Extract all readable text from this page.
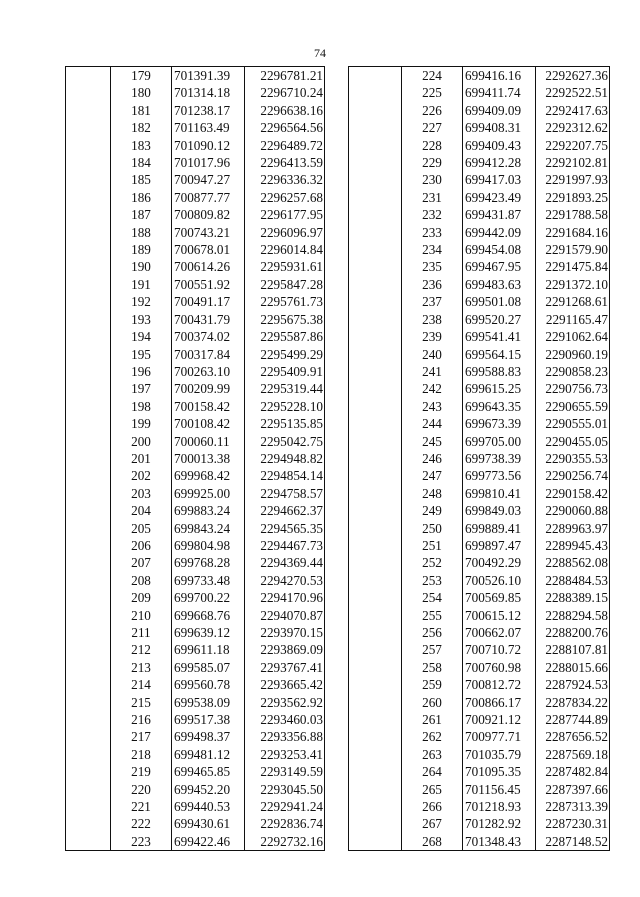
74
	179	701391.39	2296781.21
	180	701314.18	2296710.24
	181	701238.17	2296638.16
	182	701163.49	2296564.56
	183	701090.12	2296489.72
	184	701017.96	2296413.59
	185	700947.27	2296336.32
	186	700877.77	2296257.68
	187	700809.82	2296177.95
	188	700743.21	2296096.97
	189	700678.01	2296014.84
	190	700614.26	2295931.61
	191	700551.92	2295847.28
	192	700491.17	2295761.73
	193	700431.79	2295675.38
	194	700374.02	2295587.86
	195	700317.84	2295499.29
	196	700263.10	2295409.91
	197	700209.99	2295319.44
	198	700158.42	2295228.10
	199	700108.42	2295135.85
	200	700060.11	2295042.75
	201	700013.38	2294948.82
	202	699968.42	2294854.14
	203	699925.00	2294758.57
	204	699883.24	2294662.37
	205	699843.24	2294565.35
	206	699804.98	2294467.73
	207	699768.28	2294369.44
	208	699733.48	2294270.53
	209	699700.22	2294170.96
	210	699668.76	2294070.87
	211	699639.12	2293970.15
	212	699611.18	2293869.09
	213	699585.07	2293767.41
	214	699560.78	2293665.42
	215	699538.09	2293562.92
	216	699517.38	2293460.03
	217	699498.37	2293356.88
	218	699481.12	2293253.41
	219	699465.85	2293149.59
	220	699452.20	2293045.50
	221	699440.53	2292941.24
	222	699430.61	2292836.74
	223	699422.46	2292732.16
	224	699416.16	2292627.36
	225	699411.74	2292522.51
	226	699409.09	2292417.63
	227	699408.31	2292312.62
	228	699409.43	2292207.75
	229	699412.28	2292102.81
	230	699417.03	2291997.93
	231	699423.49	2291893.25
	232	699431.87	2291788.58
	233	699442.09	2291684.16
	234	699454.08	2291579.90
	235	699467.95	2291475.84
	236	699483.63	2291372.10
	237	699501.08	2291268.61
	238	699520.27	2291165.47
	239	699541.41	2291062.64
	240	699564.15	2290960.19
	241	699588.83	2290858.23
	242	699615.25	2290756.73
	243	699643.35	2290655.59
	244	699673.39	2290555.01
	245	699705.00	2290455.05
	246	699738.39	2290355.53
	247	699773.56	2290256.74
	248	699810.41	2290158.42
	249	699849.03	2290060.88
	250	699889.41	2289963.97
	251	699897.47	2289945.43
	252	700492.29	2288562.08
	253	700526.10	2288484.53
	254	700569.85	2288389.15
	255	700615.12	2288294.58
	256	700662.07	2288200.76
	257	700710.72	2288107.81
	258	700760.98	2288015.66
	259	700812.72	2287924.53
	260	700866.17	2287834.22
	261	700921.12	2287744.89
	262	700977.71	2287656.52
	263	701035.79	2287569.18
	264	701095.35	2287482.84
	265	701156.45	2287397.66
	266	701218.93	2287313.39
	267	701282.92	2287230.31
	268	701348.43	2287148.52
